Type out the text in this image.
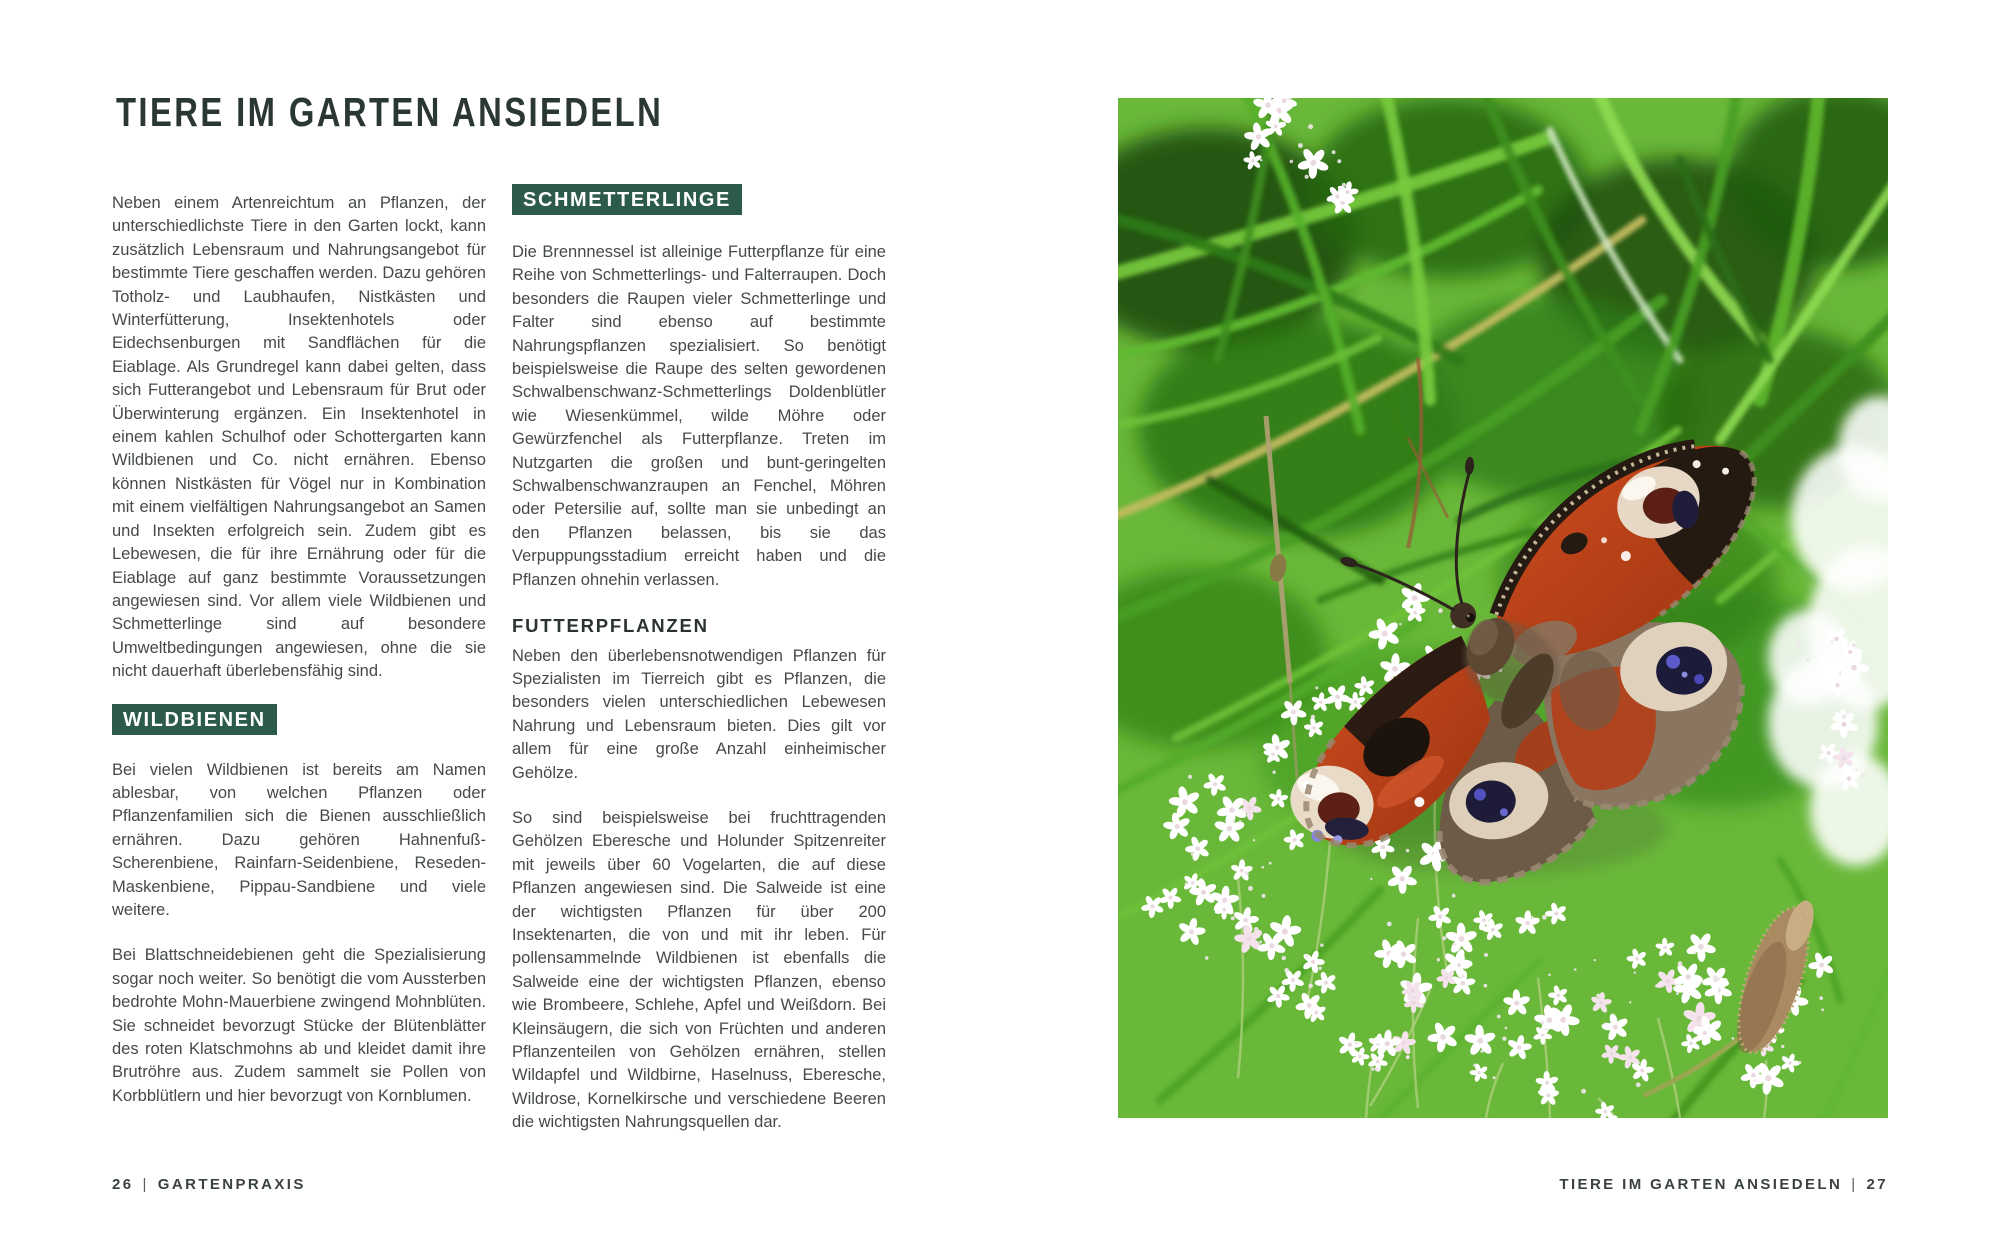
TIERE IM GARTEN ANSIEDELN

Neben einem Artenreichtum an Pflanzen, der unterschiedlichste Tiere in den Garten lockt, kann zusätzlich Lebensraum und Nahrungsangebot für bestimmte Tiere geschaffen werden. Dazu gehören Totholz- und Laubhaufen, Nistkästen und Winterfütterung, Insektenhotels oder Eidechsenburgen mit Sandflächen für die Eiablage. Als Grundregel kann dabei gelten, dass sich Futterangebot und Lebensraum für Brut oder Überwinterung ergänzen. Ein Insektenhotel in einem kahlen Schulhof oder Schottergarten kann Wildbienen und Co. nicht ernähren. Ebenso können Nistkästen für Vögel nur in Kombination mit einem vielfältigen Nahrungsangebot an Samen und Insekten erfolgreich sein. Zudem gibt es Lebewesen, die für ihre Ernährung oder für die Eiablage auf ganz bestimmte Voraussetzungen angewiesen sind. Vor allem viele Wildbienen und Schmetterlinge sind auf besondere Umweltbedingungen angewiesen, ohne die sie nicht dauerhaft überlebensfähig sind.

WILDBIENEN

Bei vielen Wildbienen ist bereits am Namen ablesbar, von welchen Pflanzen oder Pflanzenfamilien sich die Bienen ausschließlich ernähren. Dazu gehören Hahnenfuß-Scherenbiene, Rainfarn-Seidenbiene, Reseden-Maskenbiene, Pippau-Sandbiene und viele weitere.

Bei Blattschneidebienen geht die Spezialisierung sogar noch weiter. So benötigt die vom Aussterben bedrohte Mohn-Mauerbiene zwingend Mohnblüten. Sie schneidet bevorzugt Stücke der Blütenblätter des roten Klatschmohns ab und kleidet damit ihre Brutröhre aus. Zudem sammelt sie Pollen von Korbblütlern und hier bevorzugt von Kornblumen.

SCHMETTERLINGE

Die Brennnessel ist alleinige Futterpflanze für eine Reihe von Schmetterlings- und Falterraupen. Doch besonders die Raupen vieler Schmetterlinge und Falter sind ebenso auf bestimmte Nahrungspflanzen spezialisiert. So benötigt beispielsweise die Raupe des selten gewordenen Schwalbenschwanz-Schmetterlings Doldenblütler wie Wiesenkümmel, wilde Möhre oder Gewürzfenchel als Futterpflanze. Treten im Nutzgarten die großen und bunt-geringelten Schwalbenschwanzraupen an Fenchel, Möhren oder Petersilie auf, sollte man sie unbedingt an den Pflanzen belassen, bis sie das Verpuppungsstadium erreicht haben und die Pflanzen ohnehin verlassen.

FUTTERPFLANZEN

Neben den überlebensnotwendigen Pflanzen für Spezialisten im Tierreich gibt es Pflanzen, die besonders vielen unterschiedlichen Lebewesen Nahrung und Lebensraum bieten. Dies gilt vor allem für eine große Anzahl einheimischer Gehölze.

So sind beispielsweise bei fruchttragenden Gehölzen Eberesche und Holunder Spitzenreiter mit jeweils über 60 Vogelarten, die auf diese Pflanzen angewiesen sind. Die Salweide ist eine der wichtigsten Pflanzen für über 200 Insektenarten, die von und mit ihr leben. Für pollensammelnde Wildbienen ist ebenfalls die Salweide eine der wichtigsten Pflanzen, ebenso wie Brombeere, Schlehe, Apfel und Weißdorn. Bei Kleinsäugern, die sich von Früchten und anderen Pflanzenteilen von Gehölzen ernähren, stellen Wildapfel und Wildbirne, Haselnuss, Eberesche, Wildrose, Kornelkirsche und verschiedene Beeren die wichtigsten Nahrungsquellen dar.

26 | GARTENPRAXIS	TIERE IM GARTEN ANSIEDELN | 27
